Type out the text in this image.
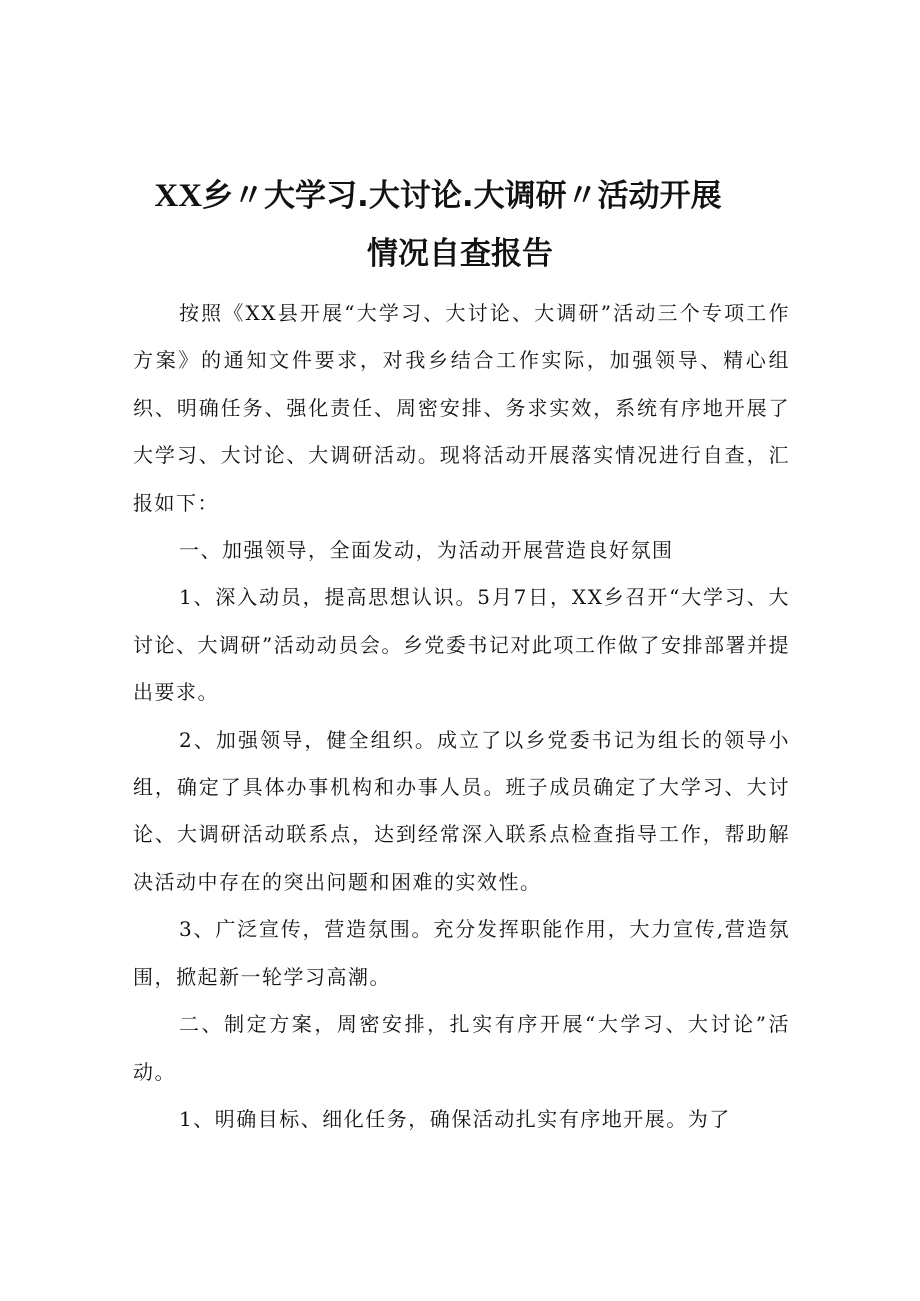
XX乡〃大学习.大讨论.大调研〃活动开展
情况自查报告

按照《XX县开展“大学习、大讨论、大调研”活动三个专项工作方案》的通知文件要求，对我乡结合工作实际，加强领导、精心组织、明确任务、强化责任、周密安排、务求实效，系统有序地开展了大学习、大讨论、大调研活动。现将活动开展落实情况进行自查，汇报如下：

一、加强领导，全面发动，为活动开展营造良好氛围

1、深入动员，提高思想认识。5月7日，XX乡召开“大学习、大讨论、大调研”活动动员会。乡党委书记对此项工作做了安排部署并提出要求。

2、加强领导，健全组织。成立了以乡党委书记为组长的领导小组，确定了具体办事机构和办事人员。班子成员确定了大学习、大讨论、大调研活动联系点，达到经常深入联系点检查指导工作，帮助解决活动中存在的突出问题和困难的实效性。

3、广泛宣传，营造氛围。充分发挥职能作用，大力宣传,营造氛围，掀起新一轮学习高潮。

二、制定方案，周密安排，扎实有序开展“大学习、大讨论”活动。

1、明确目标、细化任务，确保活动扎实有序地开展。为了
